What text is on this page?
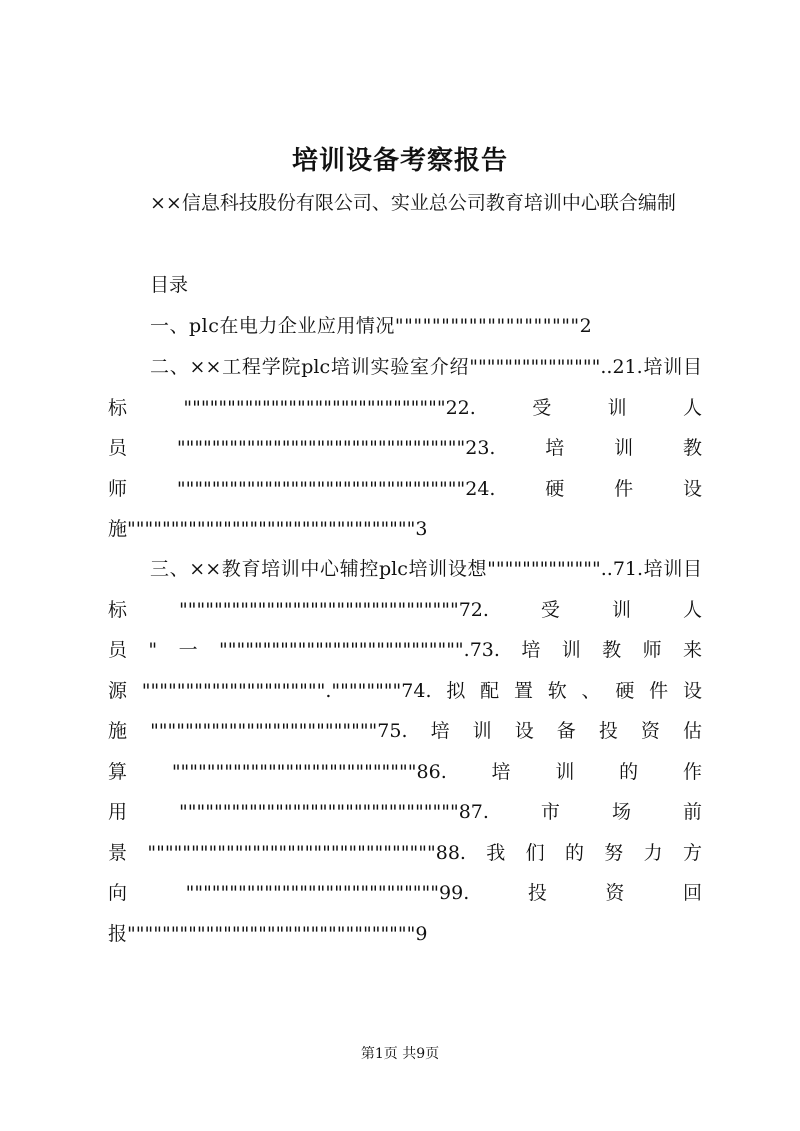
培训设备考察报告

××信息科技股份有限公司、实业总公司教育培训中心联合编制

目录

一、plc在电力企业应用情况""""""""""""""""""""2

二、××工程学院plc培训实验室介绍"""""""""""""""..21.培训目标""""""""""""""""""""""""""""""22.受训人员"""""""""""""""""""""""""""""""""23.培训教师"""""""""""""""""""""""""""""""""24.硬件设施"""""""""""""""""""""""""""""""""3

三、××教育培训中心辅控plc培训设想"""""""""""""..71.培训目标""""""""""""""""""""""""""""""""72.受训人员"一"""""""""""""""""""""""""""".73.培训教师来源""""""""""""""""""""".""""""""74.拟配置软、硬件设施""""""""""""""""""""""""""75.培训设备投资估算""""""""""""""""""""""""""""86.培训的作用""""""""""""""""""""""""""""""""87.市场前景"""""""""""""""""""""""""""""""""88.我们的努力方向"""""""""""""""""""""""""""""99.投资回报"""""""""""""""""""""""""""""""""9

第1页 共9页
